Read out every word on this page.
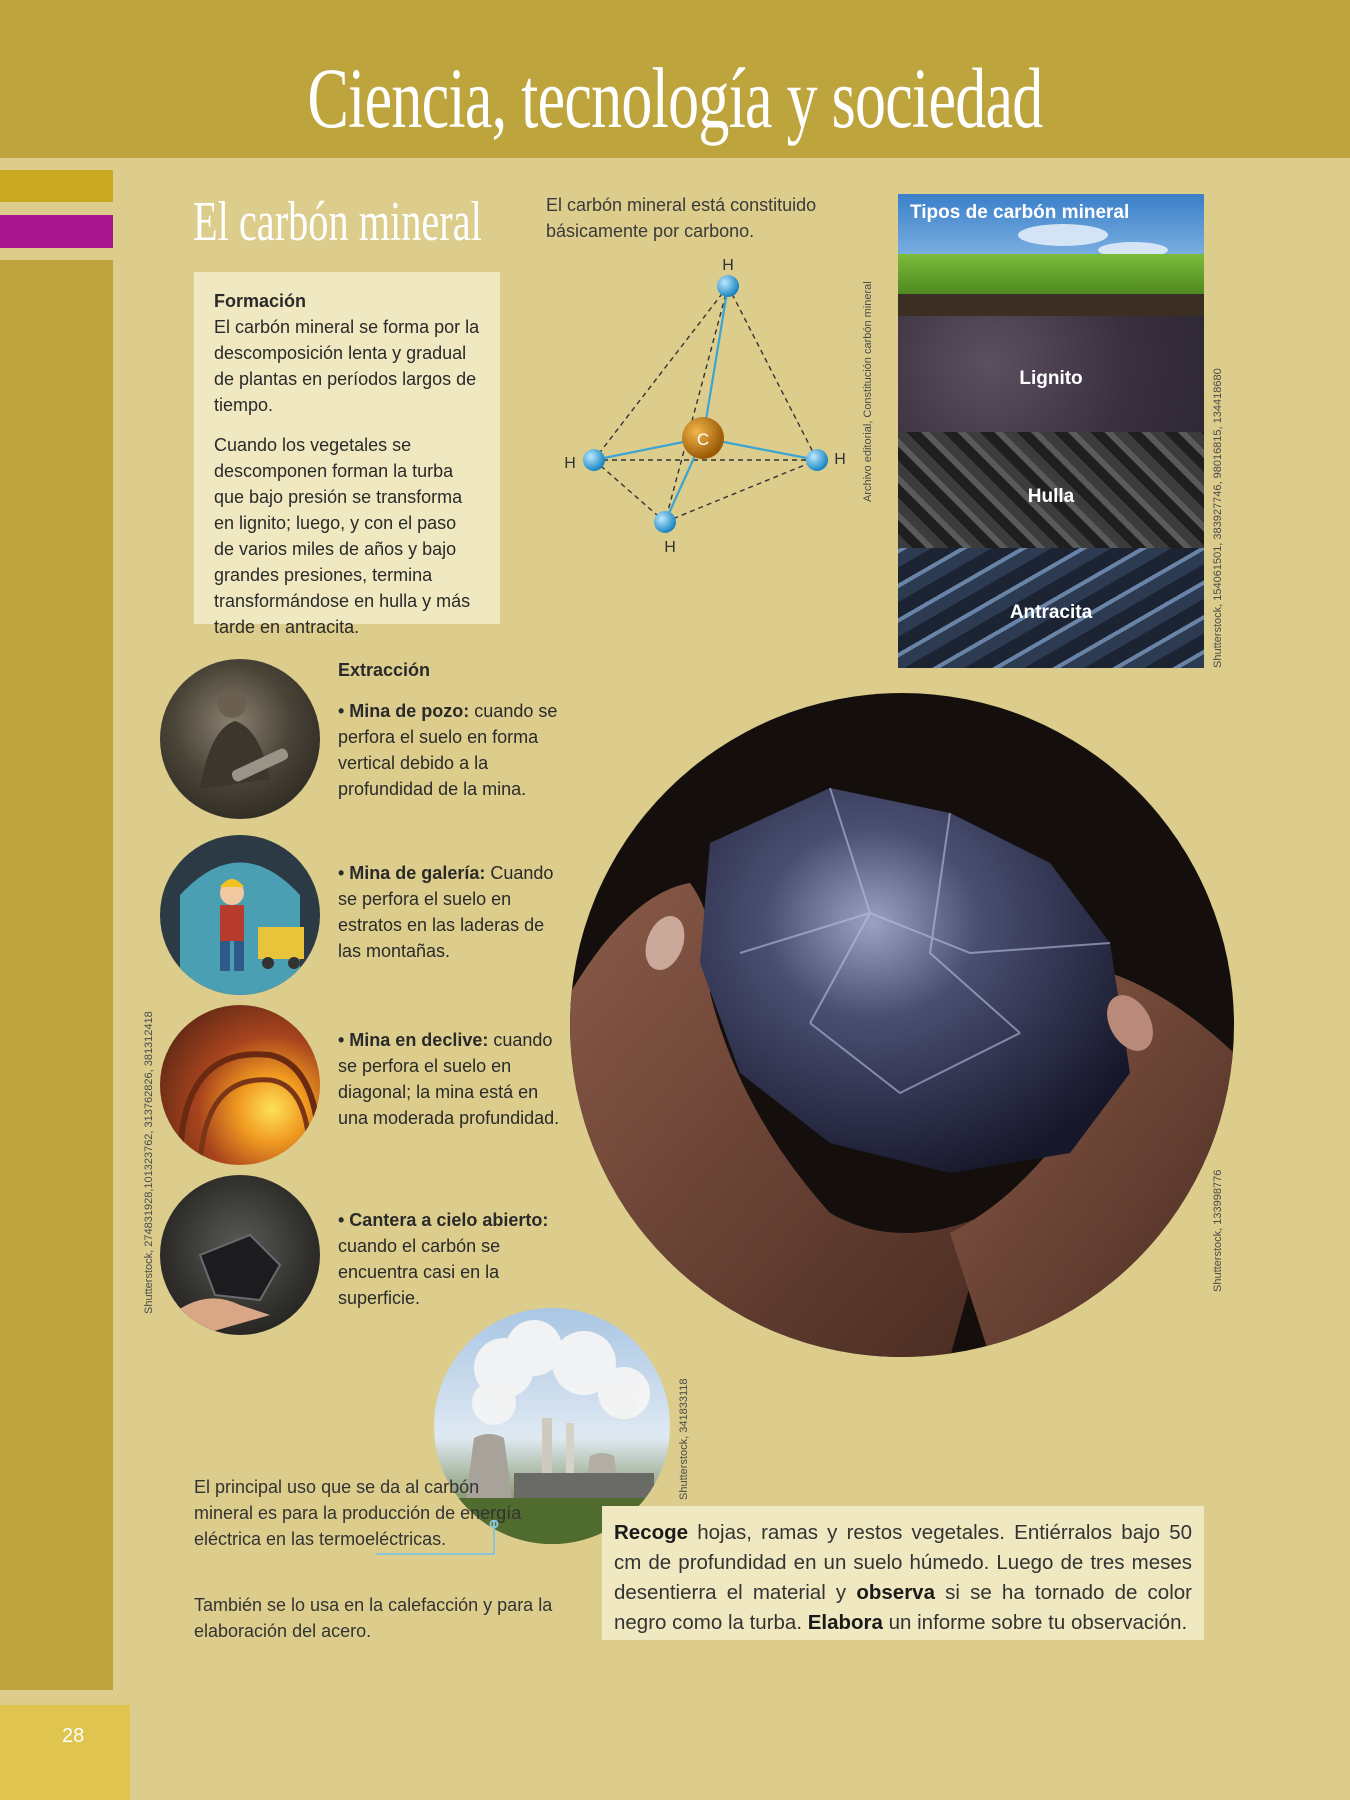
Ciencia, tecnología y sociedad
28
El carbón mineral
Formación

El carbón mineral se forma por la descomposición lenta y gradual de plantas en períodos largos de tiempo.

Cuando los vegetales se descomponen forman la turba que bajo presión se transforma en lignito; luego, y con el paso de varios miles de años y bajo grandes presiones, termina transformándose en hulla y más tarde en antracita.

El carbón mineral está constituido básicamente por carbono.
C
H
H	H
H
Archivo editorial, Constitución carbón mineral
Tipos de carbón mineral
Lignito
Hulla
Antracita	Shutterstock, 154061501, 383927746, 98016815, 134418680
Extracción
• Mina de pozo: cuando se perfora el suelo en forma vertical debido a la profundidad de la mina.
• Mina de galería: Cuando se perfora el suelo en estratos en las laderas de las montañas.
• Mina en declive: cuando se perfora el suelo en diagonal; la mina está en una moderada profundidad.
• Cantera a cielo abierto: cuando el carbón se encuentra casi en la superficie.
Shutterstock, 274831928,101323762, 313762826, 381312418	Shutterstock, 133998776
Shutterstock, 341833118
El principal uso que se da al carbón mineral es para la producción de energía eléctrica en las termoeléctricas.
También se lo usa en la calefacción y para la elaboración del acero.
Recoge hojas, ramas y restos vegetales. Entiérralos bajo 50 cm de profundidad en un suelo húmedo. Luego de tres meses desentierra el material y observa si se ha tornado de color negro como la turba. Elabora un informe sobre tu observación.
